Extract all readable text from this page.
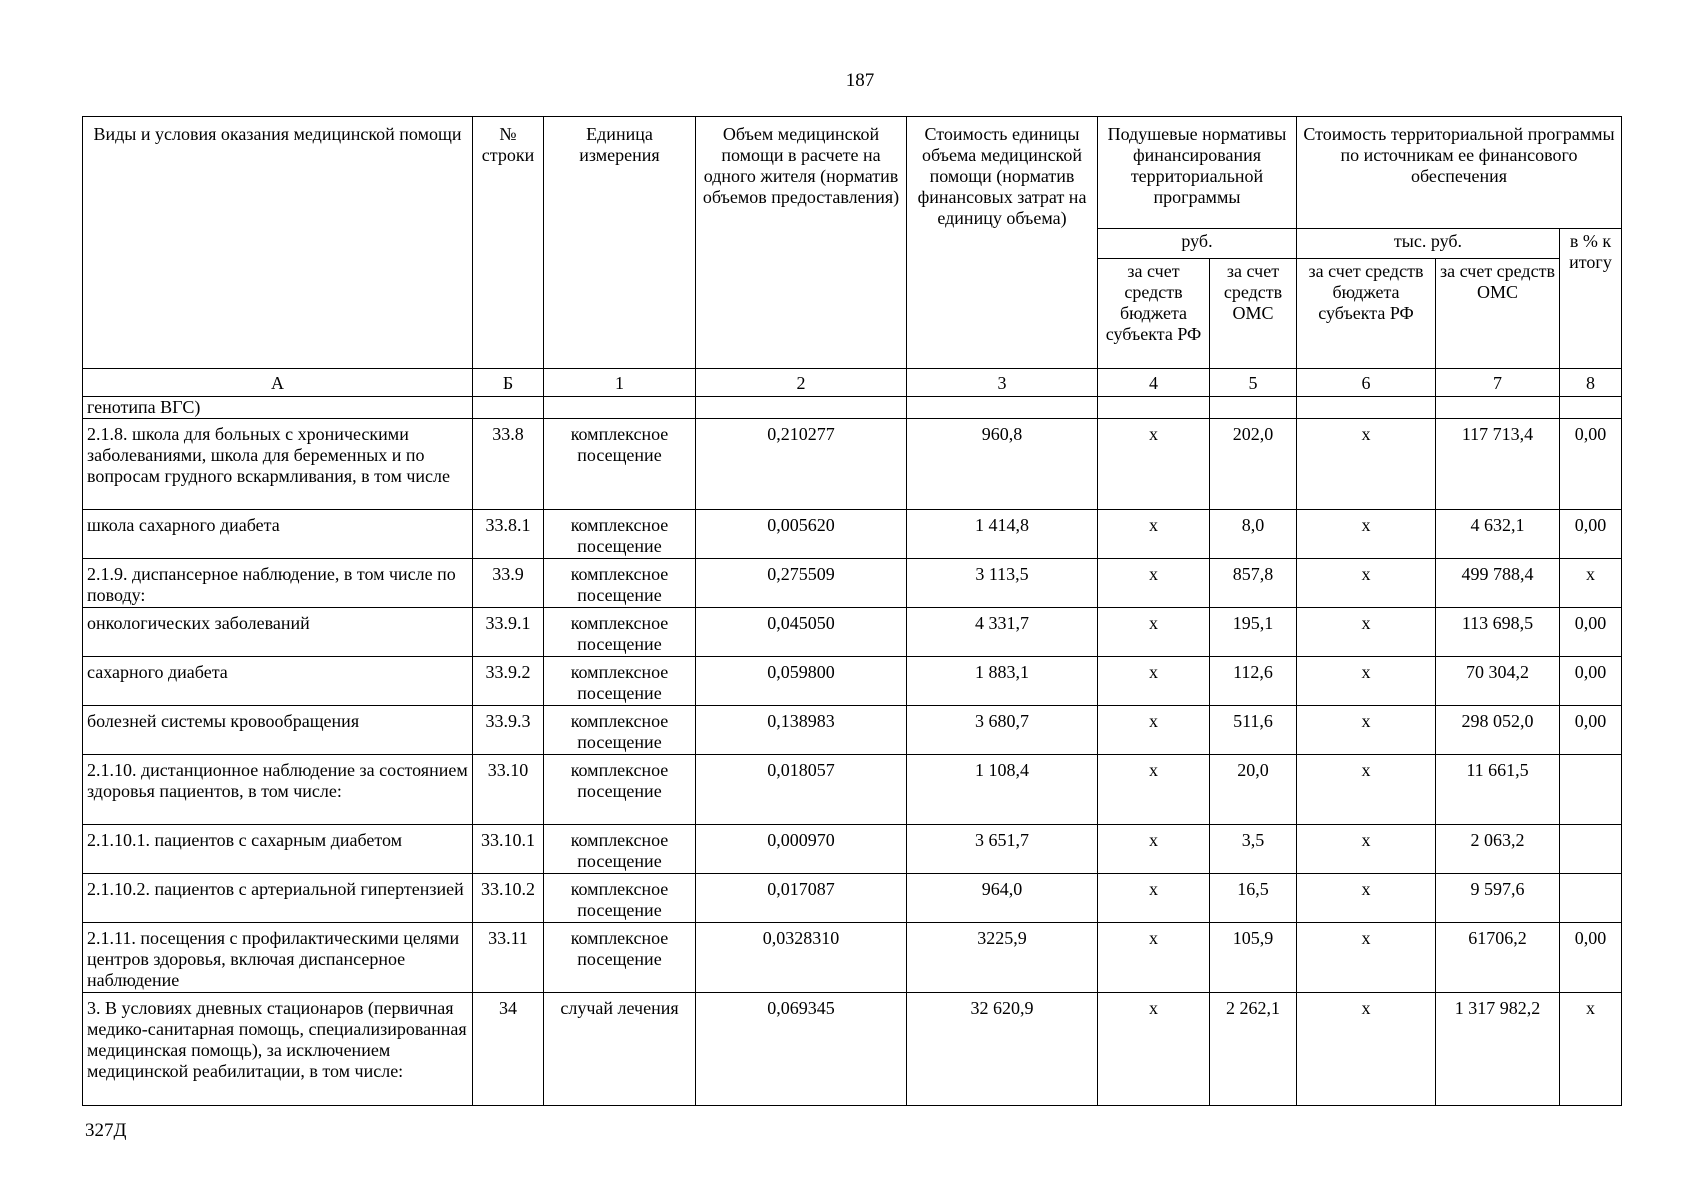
187
Виды и условия оказания медицинской помощи	№ строки	Единица измерения	Объем медицинской помощи в расчете на одного жителя (норматив объемов предоставления)	Стоимость единицы объема медицинской помощи (норматив финансовых затрат на единицу объема)	Подушевые нормативы финансирования территориальной программы		Стоимость территориальной программы по источникам ее финансового обеспечения		
					руб.		тыс. руб.		в % к итогу
					за счет средств бюджета субъекта РФ	за счет средств ОМС	за счет средств бюджета субъекта РФ	за счет средств ОМС	
А	Б	1	2	3	4	5	6	7	8
генотипа ВГС)									
2.1.8. школа для больных с хроническими заболеваниями, школа для беременных и по вопросам грудного вскармливания, в том числе	33.8	комплексное посещение	0,210277	960,8	х	202,0	х	117 713,4	0,00
школа сахарного диабета	33.8.1	комплексное посещение	0,005620	1 414,8	х	8,0	х	4 632,1	0,00
2.1.9. диспансерное наблюдение, в том числе по поводу:	33.9	комплексное посещение	0,275509	3 113,5	х	857,8	х	499 788,4	х
онкологических заболеваний	33.9.1	комплексное посещение	0,045050	4 331,7	х	195,1	х	113 698,5	0,00
сахарного диабета	33.9.2	комплексное посещение	0,059800	1 883,1	х	112,6	х	70 304,2	0,00
болезней системы кровообращения	33.9.3	комплексное посещение	0,138983	3 680,7	х	511,6	х	298 052,0	0,00
2.1.10. дистанционное наблюдение за состоянием здоровья пациентов, в том числе:	33.10	комплексное посещение	0,018057	1 108,4	х	20,0	х	11 661,5	
2.1.10.1. пациентов с сахарным диабетом	33.10.1	комплексное посещение	0,000970	3 651,7	х	3,5	х	2 063,2	
2.1.10.2. пациентов с артериальной гипертензией	33.10.2	комплексное посещение	0,017087	964,0	х	16,5	х	9 597,6	
2.1.11. посещения с профилактическими целями центров здоровья, включая диспансерное наблюдение	33.11	комплексное посещение	0,0328310	3225,9	х	105,9	х	61706,2	0,00
3. В условиях дневных стационаров (первичная медико-санитарная помощь, специализированная медицинская помощь), за исключением медицинской реабилитации, в том числе:	34	случай лечения	0,069345	32 620,9	х	2 262,1	х	1 317 982,2	х
327Д
